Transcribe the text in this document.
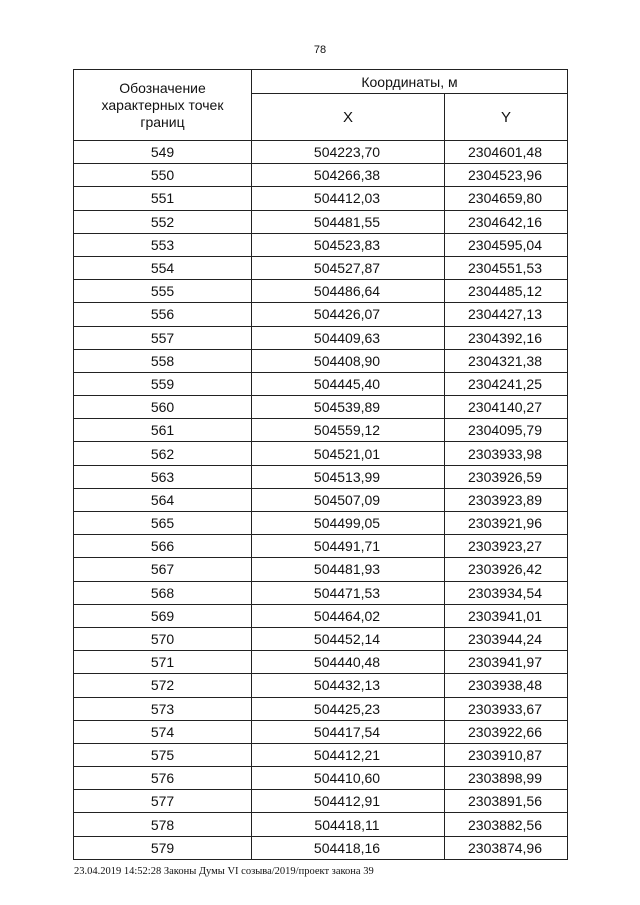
78
Обозначение
характерных точек
границ	Координаты, м	
	X	Y
549	504223,70	2304601,48
550	504266,38	2304523,96
551	504412,03	2304659,80
552	504481,55	2304642,16
553	504523,83	2304595,04
554	504527,87	2304551,53
555	504486,64	2304485,12
556	504426,07	2304427,13
557	504409,63	2304392,16
558	504408,90	2304321,38
559	504445,40	2304241,25
560	504539,89	2304140,27
561	504559,12	2304095,79
562	504521,01	2303933,98
563	504513,99	2303926,59
564	504507,09	2303923,89
565	504499,05	2303921,96
566	504491,71	2303923,27
567	504481,93	2303926,42
568	504471,53	2303934,54
569	504464,02	2303941,01
570	504452,14	2303944,24
571	504440,48	2303941,97
572	504432,13	2303938,48
573	504425,23	2303933,67
574	504417,54	2303922,66
575	504412,21	2303910,87
576	504410,60	2303898,99
577	504412,91	2303891,56
578	504418,11	2303882,56
579	504418,16	2303874,96
23.04.2019 14:52:28 Законы Думы VI созыва/2019/проект закона 39
